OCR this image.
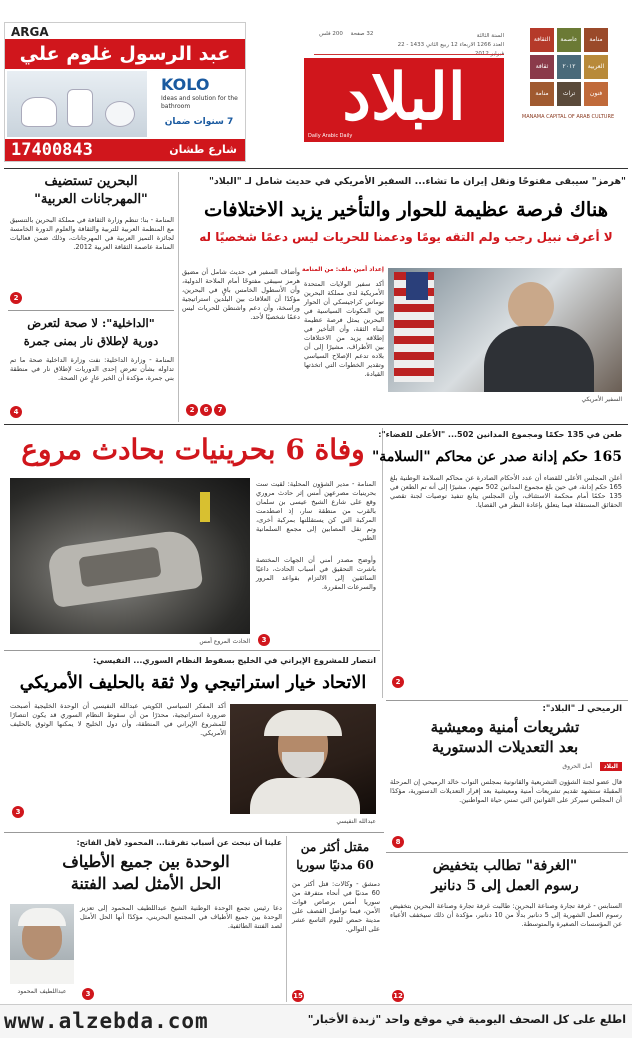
منامة
عاصمة
الثقافة
العربية
٢٠١٢
ثقافة
فنون
تراث
منامة
MANAMA CAPITAL OF ARAB CULTURE
السنة الثالثة
العدد 1266 الاربعاء 12 ربيع الثاني 1433 - 22
32 صفحة
200 فلس
البلاد
Daily Arabic Daily
ARGA
عبد الرسول غلوم علي
KOLO
Ideas and solution for the bathroom
7 سنوات ضمان
17400843	شارع طشان
"هرمز" سيبقى مفتوحًا ونقل إيران ما تشاء... السفير الأمريكي في حديث شامل لـ "البلاد"
هناك فرصة عظيمة للحوار والتأخير يزيد الاختلافات
لا أعرف نبيل رجب ولم التقه يومًا ودعمنا للحريات ليس دعمًا شخصيًا له
السفير الأمريكي
إعداد أمين ملف: من المنامة
أكد سفير الولايات المتحدة الأمريكية لدى مملكة البحرين توماس كراجيسكي أن الحوار بين المكونات السياسية في البحرين يمثل فرصة عظيمة لبناء الثقة، وأن التأخير في إطلاقه يزيد من الاختلافات بين الأطراف، مشيرًا إلى أن بلاده تدعم الإصلاح السياسي وتقدير الخطوات التي اتخذتها القيادة.
وأضاف السفير في حديث شامل أن مضيق هرمز سيبقى مفتوحًا أمام الملاحة الدولية، وأن الأسطول الخامس باقٍ في البحرين، مؤكدًا أن العلاقات بين البلدين استراتيجية وراسخة، وأن دعم واشنطن للحريات ليس دعمًا شخصيًا لأحد.
2	6	7
البحرين تستضيف
"المهرجانات العربية"
المنامة - بنا: تنظم وزارة الثقافة في مملكة البحرين بالتنسيق مع المنظمة العربية للتربية والثقافة والعلوم الدورة الخامسة لجائزة التميز العربية في المهرجانات، وذلك ضمن فعاليات المنامة عاصمة الثقافة العربية 2012.
2
"الداخلية": لا صحة لتعرض
دورية لإطلاق نار بمنى جمرة
المنامة - وزارة الداخلية: نفت وزارة الداخلية صحة ما تم تداوله بشأن تعرض إحدى الدوريات لإطلاق نار في منطقة بني جمرة، مؤكدة أن الخبر عارٍ عن الصحة.
4
وفاة 6 بحرينيات بحادث مروع
الحادث المروع أمس
المنامة - مدير الشؤون المحلية: لقيت ست بحرينيات مصرعهن أمس إثر حادث مروري وقع على شارع الشيخ عيسى بن سلمان بالقرب من منطقة سار، إذ اصطدمت المركبة التي كن يستقللنها بمركبة أخرى، وتم نقل المصابين إلى مجمع السلمانية الطبي.
وأوضح مصدر أمني أن الجهات المختصة باشرت التحقيق في أسباب الحادث، داعيًا السائقين إلى الالتزام بقواعد المرور والسرعات المقررة.
3
طعن في 135 حكمًا ومجموع المدانين 502... "الأعلى للقضاء":
165 حكم إدانة صدر عن محاكم "السلامة"
أعلن المجلس الأعلى للقضاء أن عدد الأحكام الصادرة عن محاكم السلامة الوطنية بلغ 165 حكم إدانة، في حين بلغ مجموع المدانين 502 متهم، مشيرًا إلى أنه تم الطعن في 135 حكمًا أمام محكمة الاستئناف، وأن المجلس يتابع تنفيذ توصيات لجنة تقصي الحقائق المستقلة فيما يتعلق بإعادة النظر في القضايا.
2
انتصار للمشروع الإيراني في الخليج بسقوط النظام السوري... النفيسي:
الاتحاد خيار استراتيجي ولا ثقة بالحليف الأمريكي
أكد المفكر السياسي الكويتي عبدالله النفيسي أن الوحدة الخليجية أصبحت ضرورة استراتيجية، محذرًا من أن سقوط النظام السوري قد يكون انتصارًا للمشروع الإيراني في المنطقة، وأن دول الخليج لا يمكنها الوثوق بالحليف الأمريكي.
3
عبدالله النفيسي
الرميحي لـ "البلاد":
تشريعات أمنية ومعيشية
بعد التعديلات الدستورية
البلاد
أمل الحروق
قال عضو لجنة الشؤون التشريعية والقانونية بمجلس النواب خالد الرميحي إن المرحلة المقبلة ستشهد تقديم تشريعات أمنية ومعيشية بعد إقرار التعديلات الدستورية، مؤكدًا أن المجلس سيركز على القوانين التي تمس حياة المواطنين.
8
"الغرفة" تطالب بتخفيض
رسوم العمل إلى 5 دنانير
السنابس - غرفة تجارة وصناعة البحرين: طالبت غرفة تجارة وصناعة البحرين بتخفيض رسوم العمل الشهرية إلى 5 دنانير بدلًا من 10 دنانير، مؤكدة أن ذلك سيخفف الأعباء عن المؤسسات الصغيرة والمتوسطة.
12
علينا أن نبحث عن أسباب تفرقنا... المحمود لأهل الفاتح:
الوحدة بين جميع الأطياف
الحل الأمثل لصد الفتنة
عبداللطيف المحمود
دعا رئيس تجمع الوحدة الوطنية الشيخ عبداللطيف المحمود إلى تعزيز الوحدة بين جميع الأطياف في المجتمع البحريني، مؤكدًا أنها الحل الأمثل لصد الفتنة الطائفية.
3
مقتل أكثر من
60 مدنيًا سوريا
دمشق - وكالات: قتل أكثر من 60 مدنيًا في أنحاء متفرقة من سوريا أمس برصاص قوات الأمن، فيما تواصل القصف على مدينة حمص لليوم التاسع عشر على التوالي.
15
www.alzebda.com	اطلع على كل الصحف اليومية في موقع واحد "زبدة الأخبار"
